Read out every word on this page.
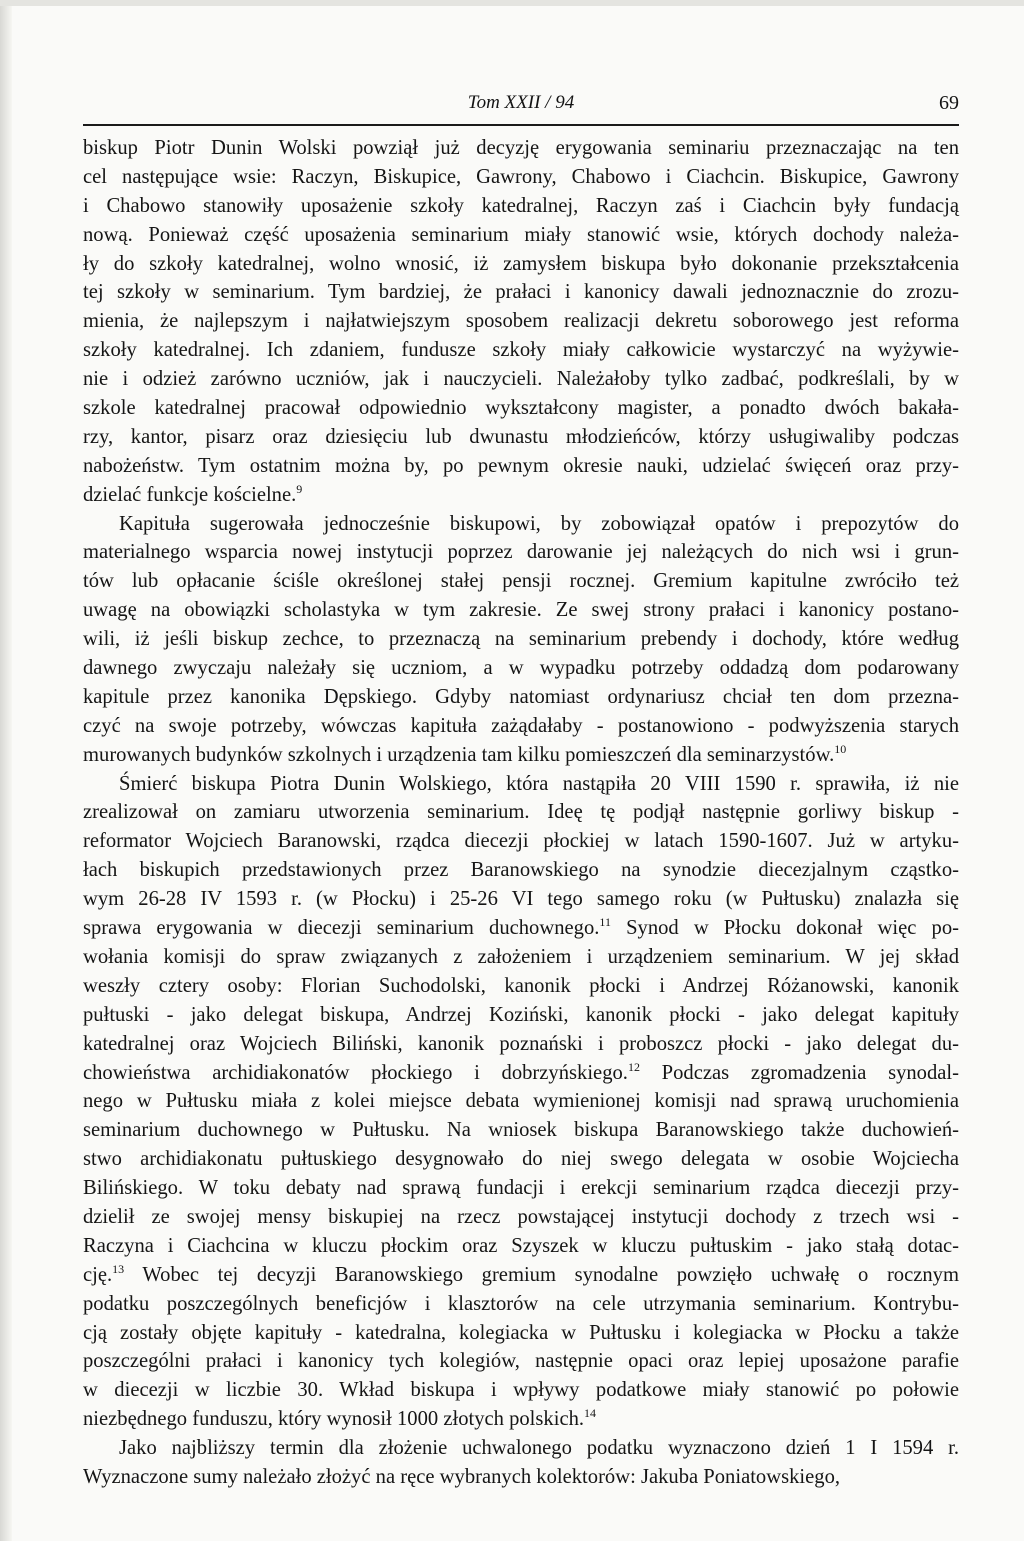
Tom XXII / 94	69
biskup Piotr Dunin Wolski powziął już decyzję erygowania seminariu przeznaczając na ten
cel następujące wsie: Raczyn, Biskupice, Gawrony, Chabowo i Ciachcin. Biskupice, Gawrony
i Chabowo stanowiły uposażenie szkoły katedralnej, Raczyn zaś i Ciachcin były fundacją
nową. Ponieważ część uposażenia seminarium miały stanowić wsie, których dochody należa-
ły do szkoły katedralnej, wolno wnosić, iż zamysłem biskupa było dokonanie przekształcenia
tej szkoły w seminarium. Tym bardziej, że prałaci i kanonicy dawali jednoznacznie do zrozu-
mienia, że najlepszym i najłatwiejszym sposobem realizacji dekretu soborowego jest reforma
szkoły katedralnej. Ich zdaniem, fundusze szkoły miały całkowicie wystarczyć na wyżywie-
nie i odzież zarówno uczniów, jak i nauczycieli. Należałoby tylko zadbać, podkreślali, by w
szkole katedralnej pracował odpowiednio wykształcony magister, a ponadto dwóch bakała-
rzy, kantor, pisarz oraz dziesięciu lub dwunastu młodzieńców, którzy usługiwaliby podczas
nabożeństw. Tym ostatnim można by, po pewnym okresie nauki, udzielać święceń oraz przy-
dzielać funkcje kościelne.$^9$
Kapituła sugerowała jednocześnie biskupowi, by zobowiązał opatów i prepozytów do
materialnego wsparcia nowej instytucji poprzez darowanie jej należących do nich wsi i grun-
tów lub opłacanie ściśle określonej stałej pensji rocznej. Gremium kapitulne zwróciło też
uwagę na obowiązki scholastyka w tym zakresie. Ze swej strony prałaci i kanonicy postano-
wili, iż jeśli biskup zechce, to przeznaczą na seminarium prebendy i dochody, które według
dawnego zwyczaju należały się uczniom, a w wypadku potrzeby oddadzą dom podarowany
kapitule przez kanonika Dępskiego. Gdyby natomiast ordynariusz chciał ten dom przezna-
czyć na swoje potrzeby, wówczas kapituła zażądałaby - postanowiono - podwyższenia starych
murowanych budynków szkolnych i urządzenia tam kilku pomieszczeń dla seminarzystów.$^{10}$
Śmierć biskupa Piotra Dunin Wolskiego, która nastąpiła 20 VIII 1590 r. sprawiła, iż nie
zrealizował on zamiaru utworzenia seminarium. Ideę tę podjął następnie gorliwy biskup -
reformator Wojciech Baranowski, rządca diecezji płockiej w latach 1590-1607. Już w artyku-
łach biskupich przedstawionych przez Baranowskiego na synodzie diecezjalnym cząstko-
wym 26-28 IV 1593 r. (w Płocku) i 25-26 VI tego samego roku (w Pułtusku) znalazła się
sprawa erygowania w diecezji seminarium duchownego.$^{11}$ Synod w Płocku dokonał więc po-
wołania komisji do spraw związanych z założeniem i urządzeniem seminarium. W jej skład
weszły cztery osoby: Florian Suchodolski, kanonik płocki i Andrzej Różanowski, kanonik
pułtuski - jako delegat biskupa, Andrzej Koziński, kanonik płocki - jako delegat kapituły
katedralnej oraz Wojciech Biliński, kanonik poznański i proboszcz płocki - jako delegat du-
chowieństwa archidiakonatów płockiego i dobrzyńskiego.$^{12}$ Podczas zgromadzenia synodal-
nego w Pułtusku miała z kolei miejsce debata wymienionej komisji nad sprawą uruchomienia
seminarium duchownego w Pułtusku. Na wniosek biskupa Baranowskiego także duchowień-
stwo archidiakonatu pułtuskiego desygnowało do niej swego delegata w osobie Wojciecha
Bilińskiego. W toku debaty nad sprawą fundacji i erekcji seminarium rządca diecezji przy-
dzielił ze swojej mensy biskupiej na rzecz powstającej instytucji dochody z trzech wsi -
Raczyna i Ciachcina w kluczu płockim oraz Szyszek w kluczu pułtuskim - jako stałą dotac-
cję.$^{13}$ Wobec tej decyzji Baranowskiego gremium synodalne powzięło uchwałę o rocznym
podatku poszczególnych beneficjów i klasztorów na cele utrzymania seminarium. Kontrybu-
cją zostały objęte kapituły - katedralna, kolegiacka w Pułtusku i kolegiacka w Płocku a także
poszczególni prałaci i kanonicy tych kolegiów, następnie opaci oraz lepiej uposażone parafie
w diecezji w liczbie 30. Wkład biskupa i wpływy podatkowe miały stanowić po połowie
niezbędnego funduszu, który wynosił 1000 złotych polskich.$^{14}$
Jako najbliższy termin dla złożenie uchwalonego podatku wyznaczono dzień 1 I 1594 r.
Wyznaczone sumy należało złożyć na ręce wybranych kolektorów: Jakuba Poniatowskiego,
